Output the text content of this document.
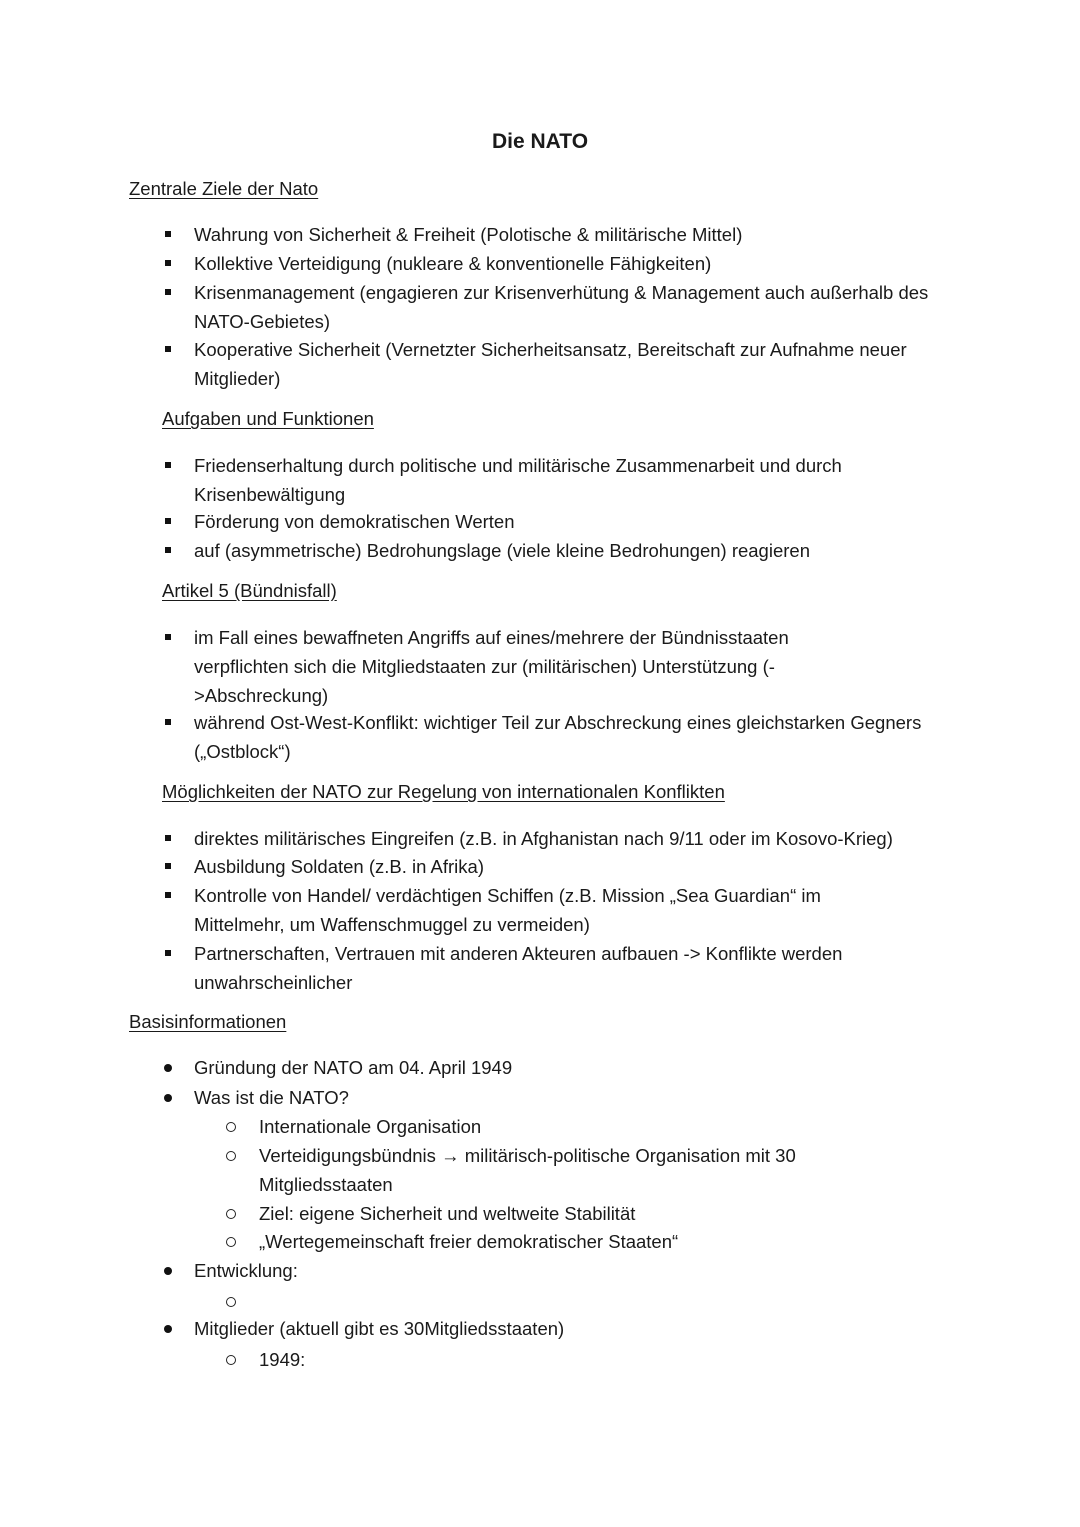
Die NATO
Zentrale Ziele der Nato
Wahrung von Sicherheit & Freiheit (Polotische & militärische Mittel)
Kollektive Verteidigung (nukleare & konventionelle Fähigkeiten)
Krisenmanagement (engagieren zur Krisenverhütung & Management auch außerhalb des NATO-Gebietes)
Kooperative Sicherheit (Vernetzter Sicherheitsansatz, Bereitschaft zur Aufnahme neuer Mitglieder)
Aufgaben und Funktionen
Friedenserhaltung durch politische und militärische Zusammenarbeit und durch Krisenbewältigung
Förderung von demokratischen Werten
auf (asymmetrische) Bedrohungslage (viele kleine Bedrohungen) reagieren
Artikel 5 (Bündnisfall)
im Fall eines bewaffneten Angriffs auf eines/mehrere der Bündnisstaaten verpflichten sich die Mitgliedstaaten zur (militärischen) Unterstützung (->Abschreckung)
während Ost-West-Konflikt: wichtiger Teil zur Abschreckung eines gleichstarken Gegners („Ostblock“)
Möglichkeiten der NATO zur Regelung von internationalen Konflikten
direktes militärisches Eingreifen (z.B. in Afghanistan nach 9/11 oder im Kosovo-Krieg)
Ausbildung Soldaten (z.B. in Afrika)
Kontrolle von Handel/ verdächtigen Schiffen (z.B. Mission „Sea Guardian“ im Mittelmehr, um Waffenschmuggel zu vermeiden)
Partnerschaften, Vertrauen mit anderen Akteuren aufbauen -> Konflikte werden unwahrscheinlicher
Basisinformationen
Gründung der NATO am 04. April 1949
Was ist die NATO?
Internationale Organisation
Verteidigungsbündnis → militärisch-politische Organisation mit 30 Mitgliedsstaaten
Ziel: eigene Sicherheit und weltweite Stabilität
„Wertegemeinschaft freier demokratischer Staaten“
Entwicklung:
Mitglieder (aktuell gibt es 30Mitgliedsstaaten)
1949:
